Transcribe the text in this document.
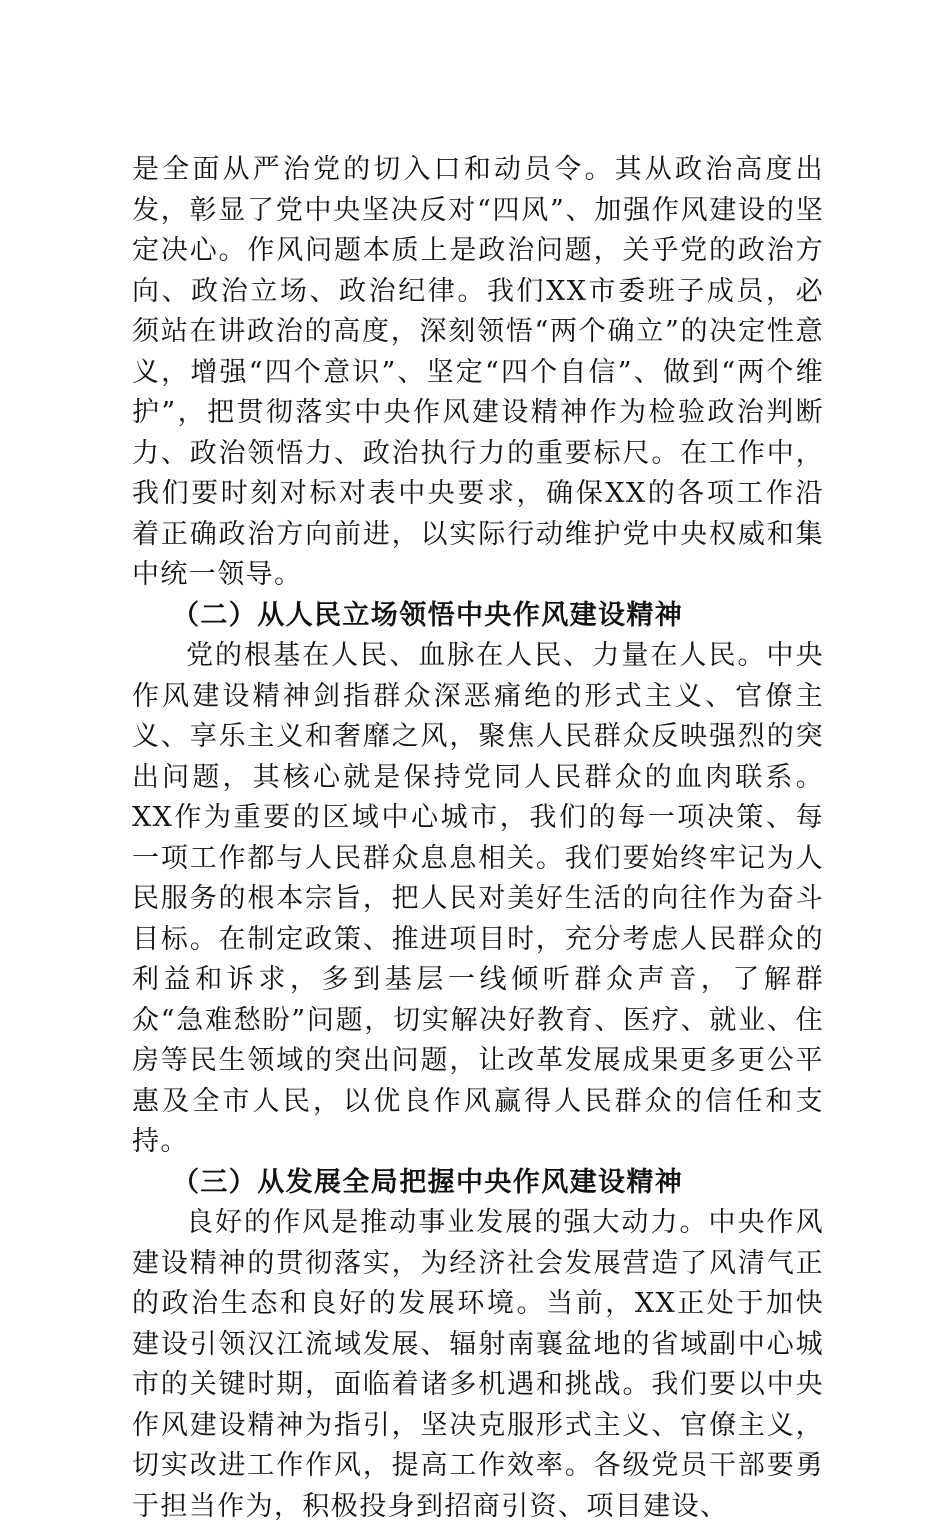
是全面从严治党的切入口和动员令。其从政治高度出发，彰显了党中央坚决反对“四风”、加强作风建设的坚定决心。作风问题本质上是政治问题，关乎党的政治方向、政治立场、政治纪律。我们XX市委班子成员，必须站在讲政治的高度，深刻领悟“两个确立”的决定性意义，增强“四个意识”、坚定“四个自信”、做到“两个维护”，把贯彻落实中央作风建设精神作为检验政治判断力、政治领悟力、政治执行力的重要标尺。在工作中，我们要时刻对标对表中央要求，确保XX的各项工作沿着正确政治方向前进，以实际行动维护党中央权威和集中统一领导。

（二）从人民立场领悟中央作风建设精神

党的根基在人民、血脉在人民、力量在人民。中央作风建设精神剑指群众深恶痛绝的形式主义、官僚主义、享乐主义和奢靡之风，聚焦人民群众反映强烈的突出问题，其核心就是保持党同人民群众的血肉联系。XX作为重要的区域中心城市，我们的每一项决策、每一项工作都与人民群众息息相关。我们要始终牢记为人民服务的根本宗旨，把人民对美好生活的向往作为奋斗目标。在制定政策、推进项目时，充分考虑人民群众的利益和诉求，多到基层一线倾听群众声音，了解群众“急难愁盼”问题，切实解决好教育、医疗、就业、住房等民生领域的突出问题，让改革发展成果更多更公平惠及全市人民，以优良作风赢得人民群众的信任和支持。

（三）从发展全局把握中央作风建设精神

良好的作风是推动事业发展的强大动力。中央作风建设精神的贯彻落实，为经济社会发展营造了风清气正的政治生态和良好的发展环境。当前，XX正处于加快建设引领汉江流域发展、辐射南襄盆地的省域副中心城市的关键时期，面临着诸多机遇和挑战。我们要以中央作风建设精神为指引，坚决克服形式主义、官僚主义，切实改进工作作风，提高工作效率。各级党员干部要勇于担当作为，积极投身到招商引资、项目建设、
